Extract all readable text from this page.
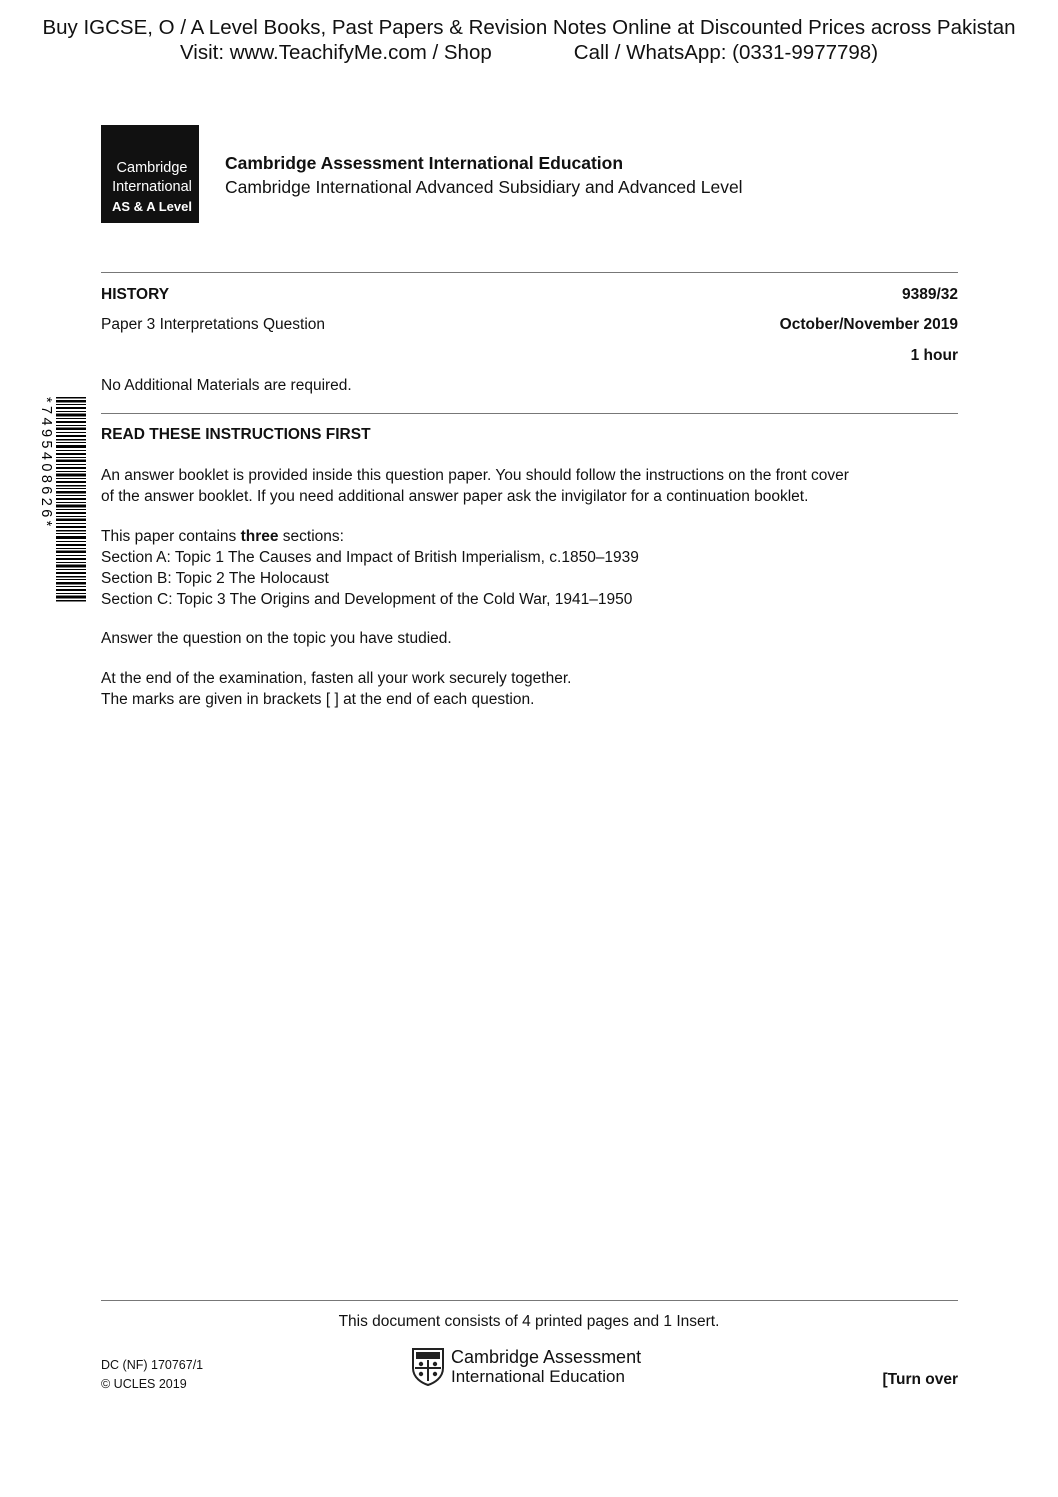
Buy IGCSE, O / A Level Books, Past Papers & Revision Notes Online at Discounted Prices across Pakistan
Visit: www.TeachifyMe.com / Shop	Call / WhatsApp: (0331-9977798)
Cambridge
International
AS & A Level
Cambridge Assessment International Education
Cambridge International Advanced Subsidiary and Advanced Level
HISTORY	9389/32
Paper 3 Interpretations Question	October/November 2019
1 hour
No Additional Materials are required.
*7495408626*	READ THESE INSTRUCTIONS FIRST
An answer booklet is provided inside this question paper. You should follow the instructions on the front cover
of the answer booklet. If you need additional answer paper ask the invigilator for a continuation booklet.
This paper contains three sections:
Section A: Topic 1 The Causes and Impact of British Imperialism, c.1850–1939
Section B: Topic 2 The Holocaust
Section C: Topic 3 The Origins and Development of the Cold War, 1941–1950
Answer the question on the topic you have studied.
At the end of the examination, fasten all your work securely together.
The marks are given in brackets [ ] at the end of each question.
This document consists of 4 printed pages and 1 Insert.
DC (NF) 170767/1
© UCLES 2019
Cambridge Assessment
International Education	[Turn over
